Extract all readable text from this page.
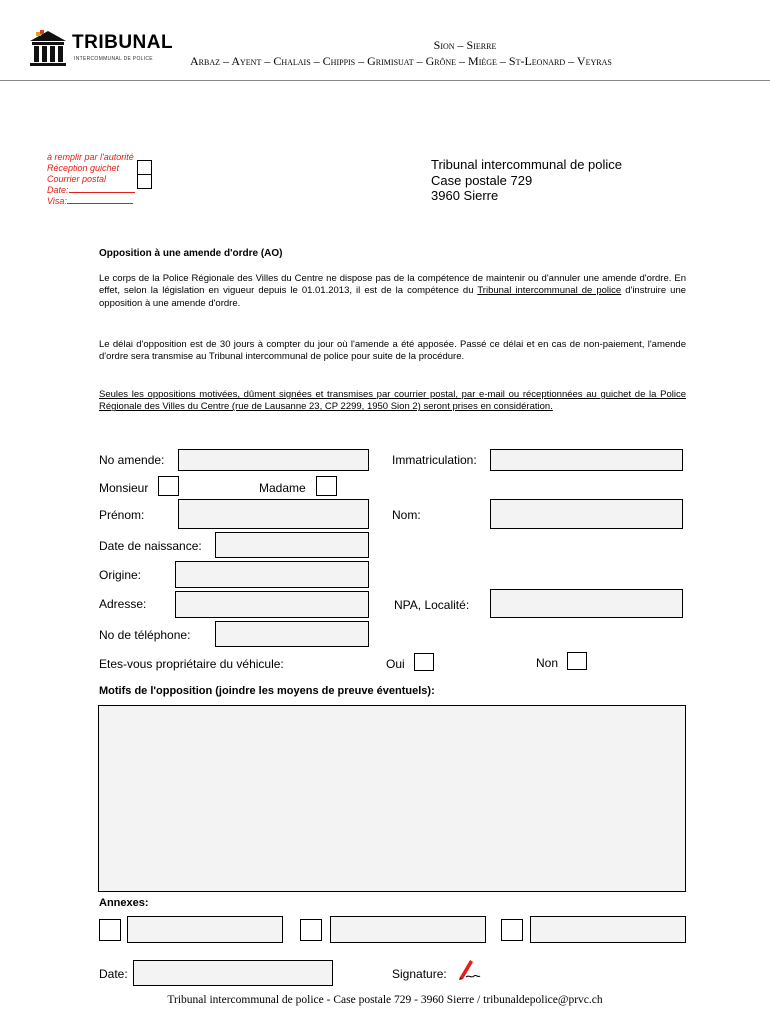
TRIBUNAL
INTERCOMMUNAL DE POLICE
Sion – Sierre
Arbaz – Ayent – Chalais – Chippis – Grimisuat – Grône – Miège – St-Leonard – Veyras
à remplir par l'autorité
Réception guichet
Courrier postal
Date:
Visa:
Tribunal intercommunal de police
Case postale 729
3960 Sierre
Opposition à une amende d'ordre (AO)
Le corps de la Police Régionale des Villes du Centre ne dispose pas de la compétence de maintenir ou d'annuler une amende d'ordre. En effet, selon la législation en vigueur depuis le 01.01.2013, il est de la compétence du Tribunal intercommunal de police d'instruire une opposition à une amende d'ordre.
Le délai d'opposition est de 30 jours à compter du jour où l'amende a été apposée. Passé ce délai et en cas de non-paiement, l'amende d'ordre sera transmise au Tribunal intercommunal de police pour suite de la procédure.
Seules les oppositions motivées, dûment signées et transmises par courrier postal, par e-mail ou réceptionnées au guichet de la Police Régionale des Villes du Centre (rue de Lausanne 23, CP 2299, 1950 Sion 2) seront prises en considération.
No amende:	Immatriculation:
Monsieur	Madame
Prénom:	Nom:
Date de naissance:
Origine:
Adresse:	NPA, Localité:
No de téléphone:
Etes-vous propriétaire du véhicule:	Oui	Non
Motifs de l'opposition (joindre les moyens de preuve éventuels):
Annexes:
Date:	Signature:
Tribunal intercommunal de police - Case postale 729 - 3960 Sierre / tribunaldepolice@prvc.ch
